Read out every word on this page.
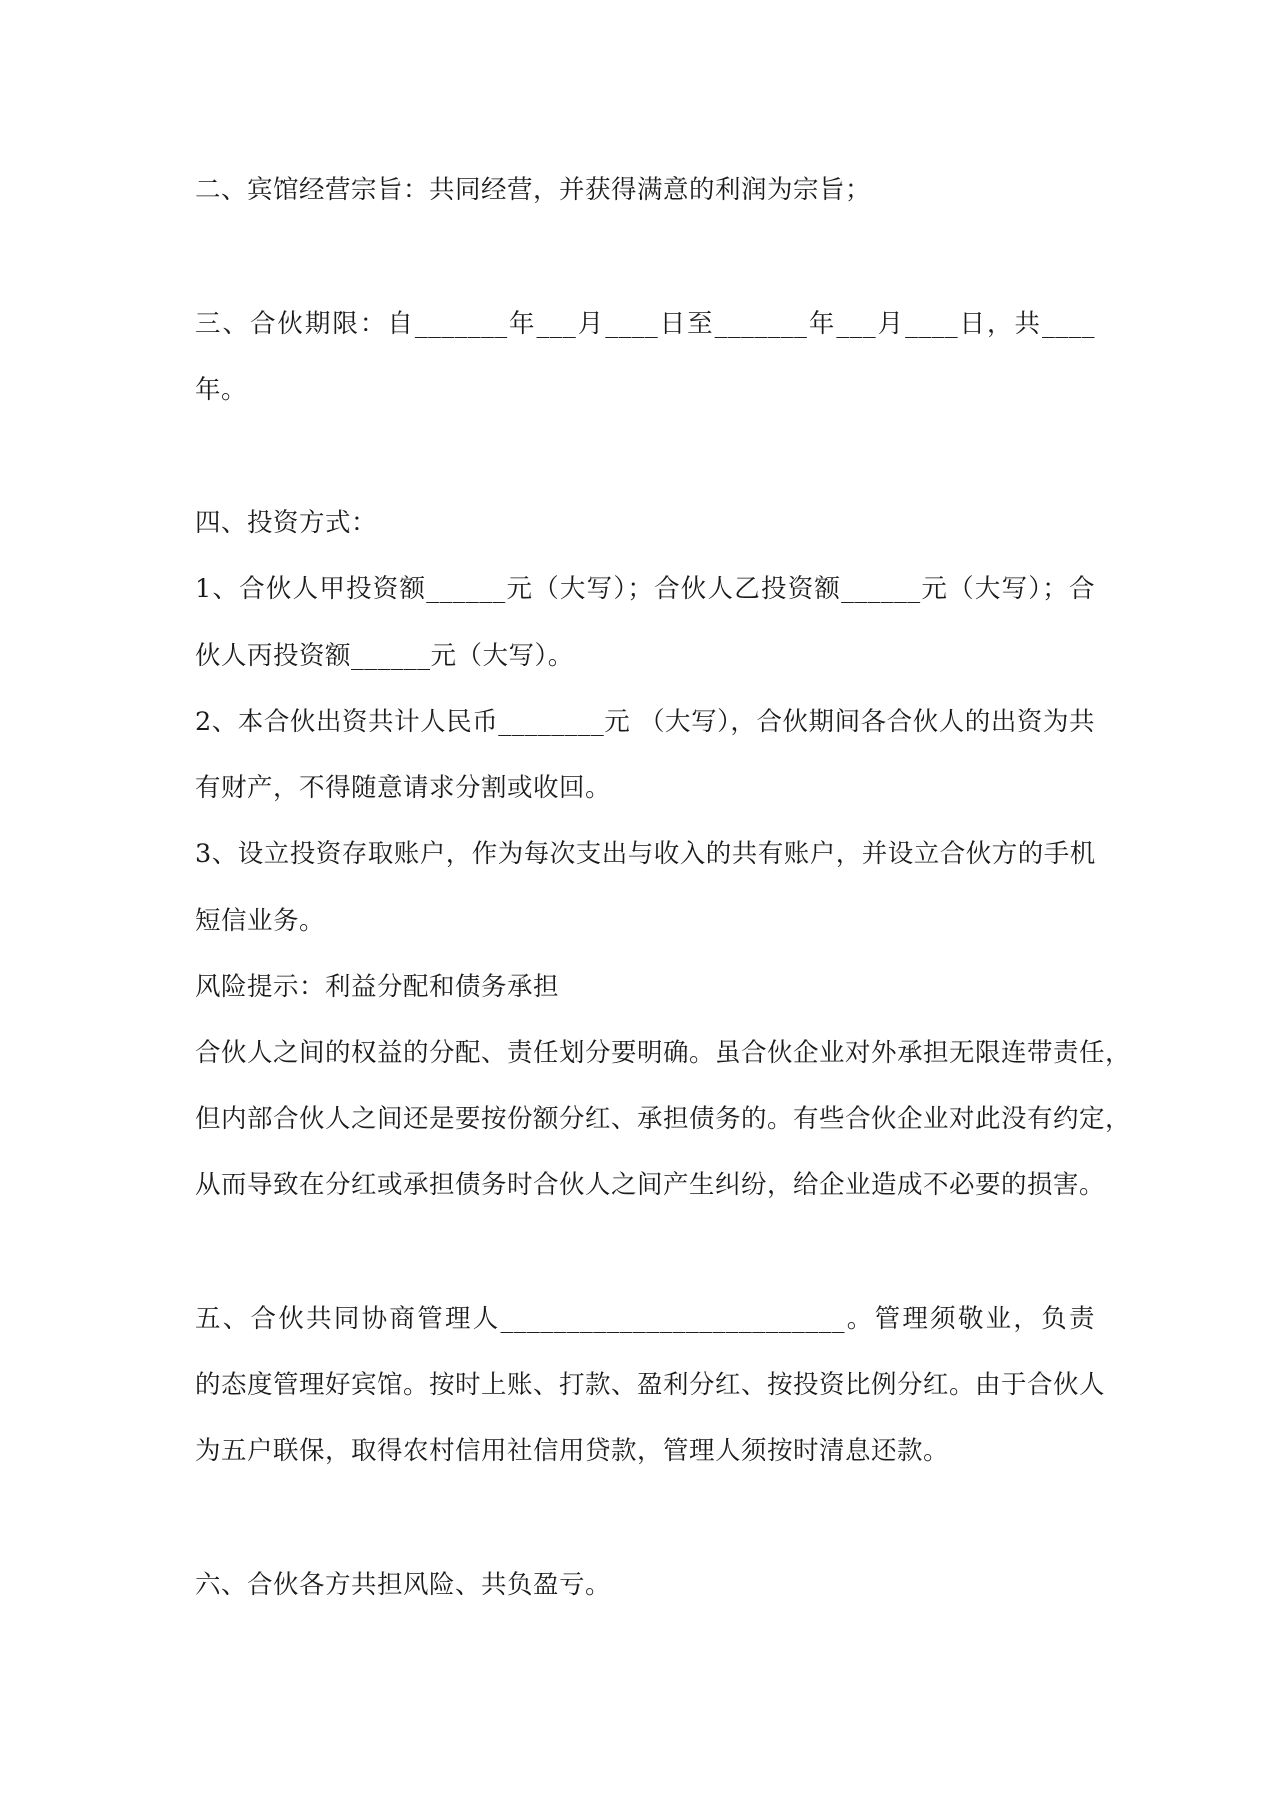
二、宾馆经营宗旨：共同经营，并获得满意的利润为宗旨；
三、合伙期限：自_______年___月____日至_______年___月____日，共____
年。
四、投资方式：
1、合伙人甲投资额______元（大写）；合伙人乙投资额______元（大写）；合
伙人丙投资额______元（大写）。
2、本合伙出资共计人民币________元 （大写），合伙期间各合伙人的出资为共
有财产，不得随意请求分割或收回。
3、设立投资存取账户，作为每次支出与收入的共有账户，并设立合伙方的手机
短信业务。
风险提示：利益分配和债务承担
合伙人之间的权益的分配、责任划分要明确。虽合伙企业对外承担无限连带责任，
但内部合伙人之间还是要按份额分红、承担债务的。有些合伙企业对此没有约定，
从而导致在分红或承担债务时合伙人之间产生纠纷，给企业造成不必要的损害。
五、合伙共同协商管理人__________________________。管理须敬业，负责
的态度管理好宾馆。按时上账、打款、盈利分红、按投资比例分红。由于合伙人
为五户联保，取得农村信用社信用贷款，管理人须按时清息还款。
六、合伙各方共担风险、共负盈亏。
